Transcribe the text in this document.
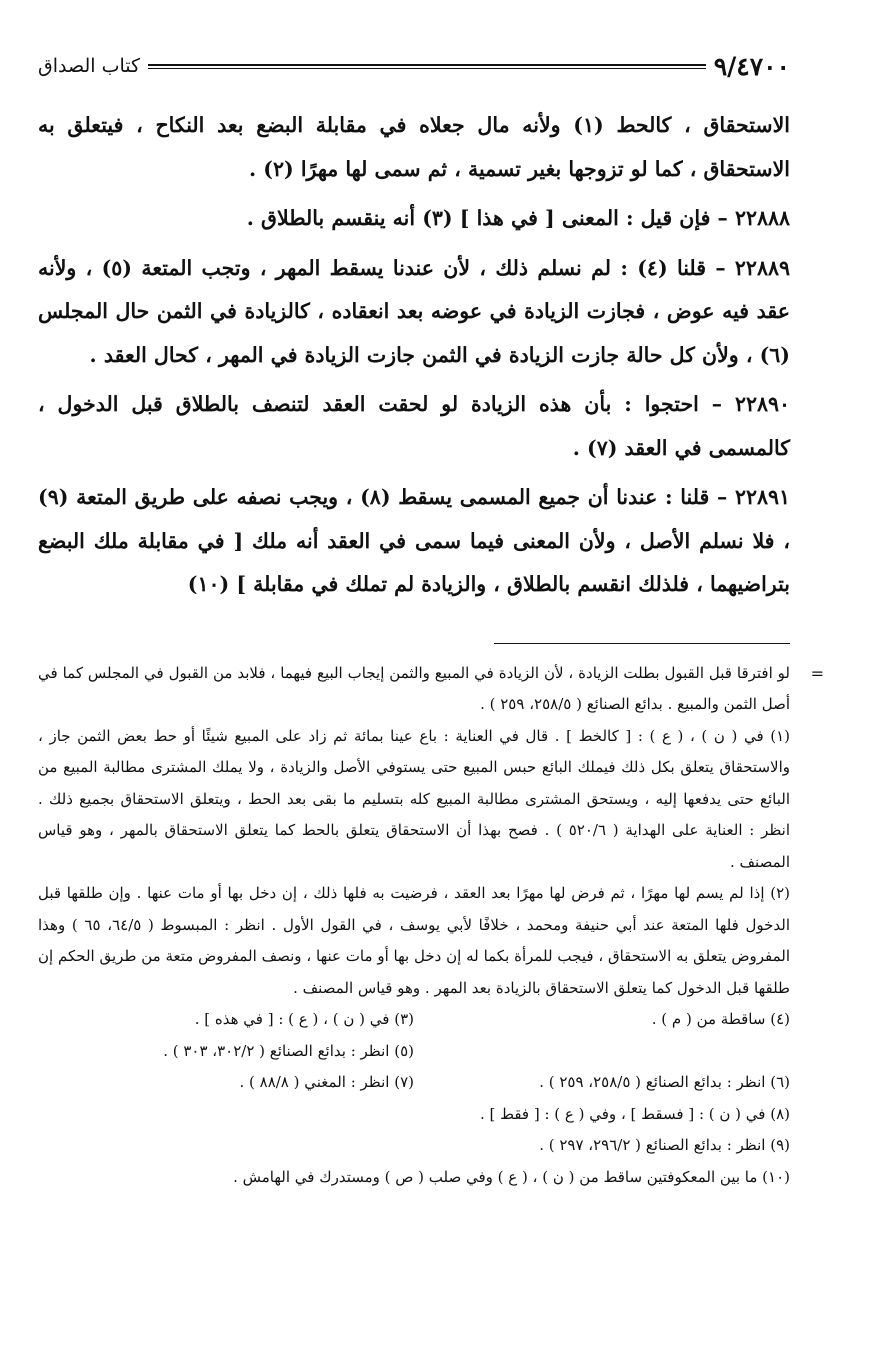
٩/٤٧٠٠
كتاب الصداق

الاستحقاق ، كالحط (١) ولأنه مال جعلاه في مقابلة البضع بعد النكاح ، فيتعلق به الاستحقاق ، كما لو تزوجها بغير تسمية ، ثم سمى لها مهرًا (٢) .

٢٢٨٨٨ – فإن قيل : المعنى [ في هذا ] (٣) أنه ينقسم بالطلاق .

٢٢٨٨٩ – قلنا (٤) : لم نسلم ذلك ، لأن عندنا يسقط المهر ، وتجب المتعة (٥) ، ولأنه عقد فيه عوض ، فجازت الزيادة في عوضه بعد انعقاده ، كالزيادة في الثمن حال المجلس (٦) ، ولأن كل حالة جازت الزيادة في الثمن جازت الزيادة في المهر ، كحال العقد .

٢٢٨٩٠ – احتجوا : بأن هذه الزيادة لو لحقت العقد لتنصف بالطلاق قبل الدخول ، كالمسمى في العقد (٧) .

٢٢٨٩١ – قلنا : عندنا أن جميع المسمى يسقط (٨) ، ويجب نصفه على طريق المتعة (٩) ، فلا نسلم الأصل ، ولأن المعنى فيما سمى في العقد أنه ملك [ في مقابلة ملك البضع بتراضيهما ، فلذلك انقسم بالطلاق ، والزيادة لم تملك في مقابلة ] (١٠)

=
لو افترقا قبل القبول بطلت الزيادة ، لأن الزيادة في المبيع والثمن إيجاب البيع فيهما ، فلابد من القبول في المجلس كما في أصل الثمن والمبيع . بدائع الصنائع ( ٢٥٨/٥، ٢٥٩ ) .

(١) في ( ن ) ، ( ع ) : [ كالخط ] . قال في العناية : باع عينا بمائة ثم زاد على المبيع شيئًا أو حط بعض الثمن جاز ، والاستحقاق يتعلق بكل ذلك فيملك البائع حبس المبيع حتى يستوفي الأصل والزيادة ، ولا يملك المشترى مطالبة المبيع من البائع حتى يدفعها إليه ، ويستحق المشترى مطالبة المبيع كله بتسليم ما بقى بعد الحط ، ويتعلق الاستحقاق بجميع ذلك . انظر : العناية على الهداية ( ٥٢٠/٦ ) . فصح بهذا أن الاستحقاق يتعلق بالحط كما يتعلق الاستحقاق بالمهر ، وهو قياس المصنف .

(٢) إذا لم يسم لها مهرًا ، ثم فرض لها مهرًا بعد العقد ، فرضيت به فلها ذلك ، إن دخل بها أو مات عنها . وإن طلقها قبل الدخول فلها المتعة عند أبي حنيفة ومحمد ، خلافًا لأبي يوسف ، في القول الأول . انظر : المبسوط ( ٦٤/٥، ٦٥ ) وهذا المفروض يتعلق به الاستحقاق ، فيجب للمرأة بكما له إن دخل بها أو مات عنها ، ونصف المفروض متعة من طريق الحكم إن طلقها قبل الدخول كما يتعلق الاستحقاق بالزيادة بعد المهر . وهو قياس المصنف .

(٤) ساقطة من ( م ) .

(٣) في ( ن ) ، ( ع ) : [ في هذه ] .

(٥) انظر : بدائع الصنائع ( ٣٠٢/٢، ٣٠٣ ) .

(٦) انظر : بدائع الصنائع ( ٢٥٨/٥، ٢٥٩ ) .

(٧) انظر : المغني ( ٨٨/٨ ) .

(٨) في ( ن ) : [ فسقط ] ، وفي ( ع ) : [ فقط ] .

(٩) انظر : بدائع الصنائع ( ٢٩٦/٢، ٢٩٧ ) .

(١٠) ما بين المعكوفتين ساقط من ( ن ) ، ( ع ) وفي صلب ( ص ) ومستدرك في الهامش .
